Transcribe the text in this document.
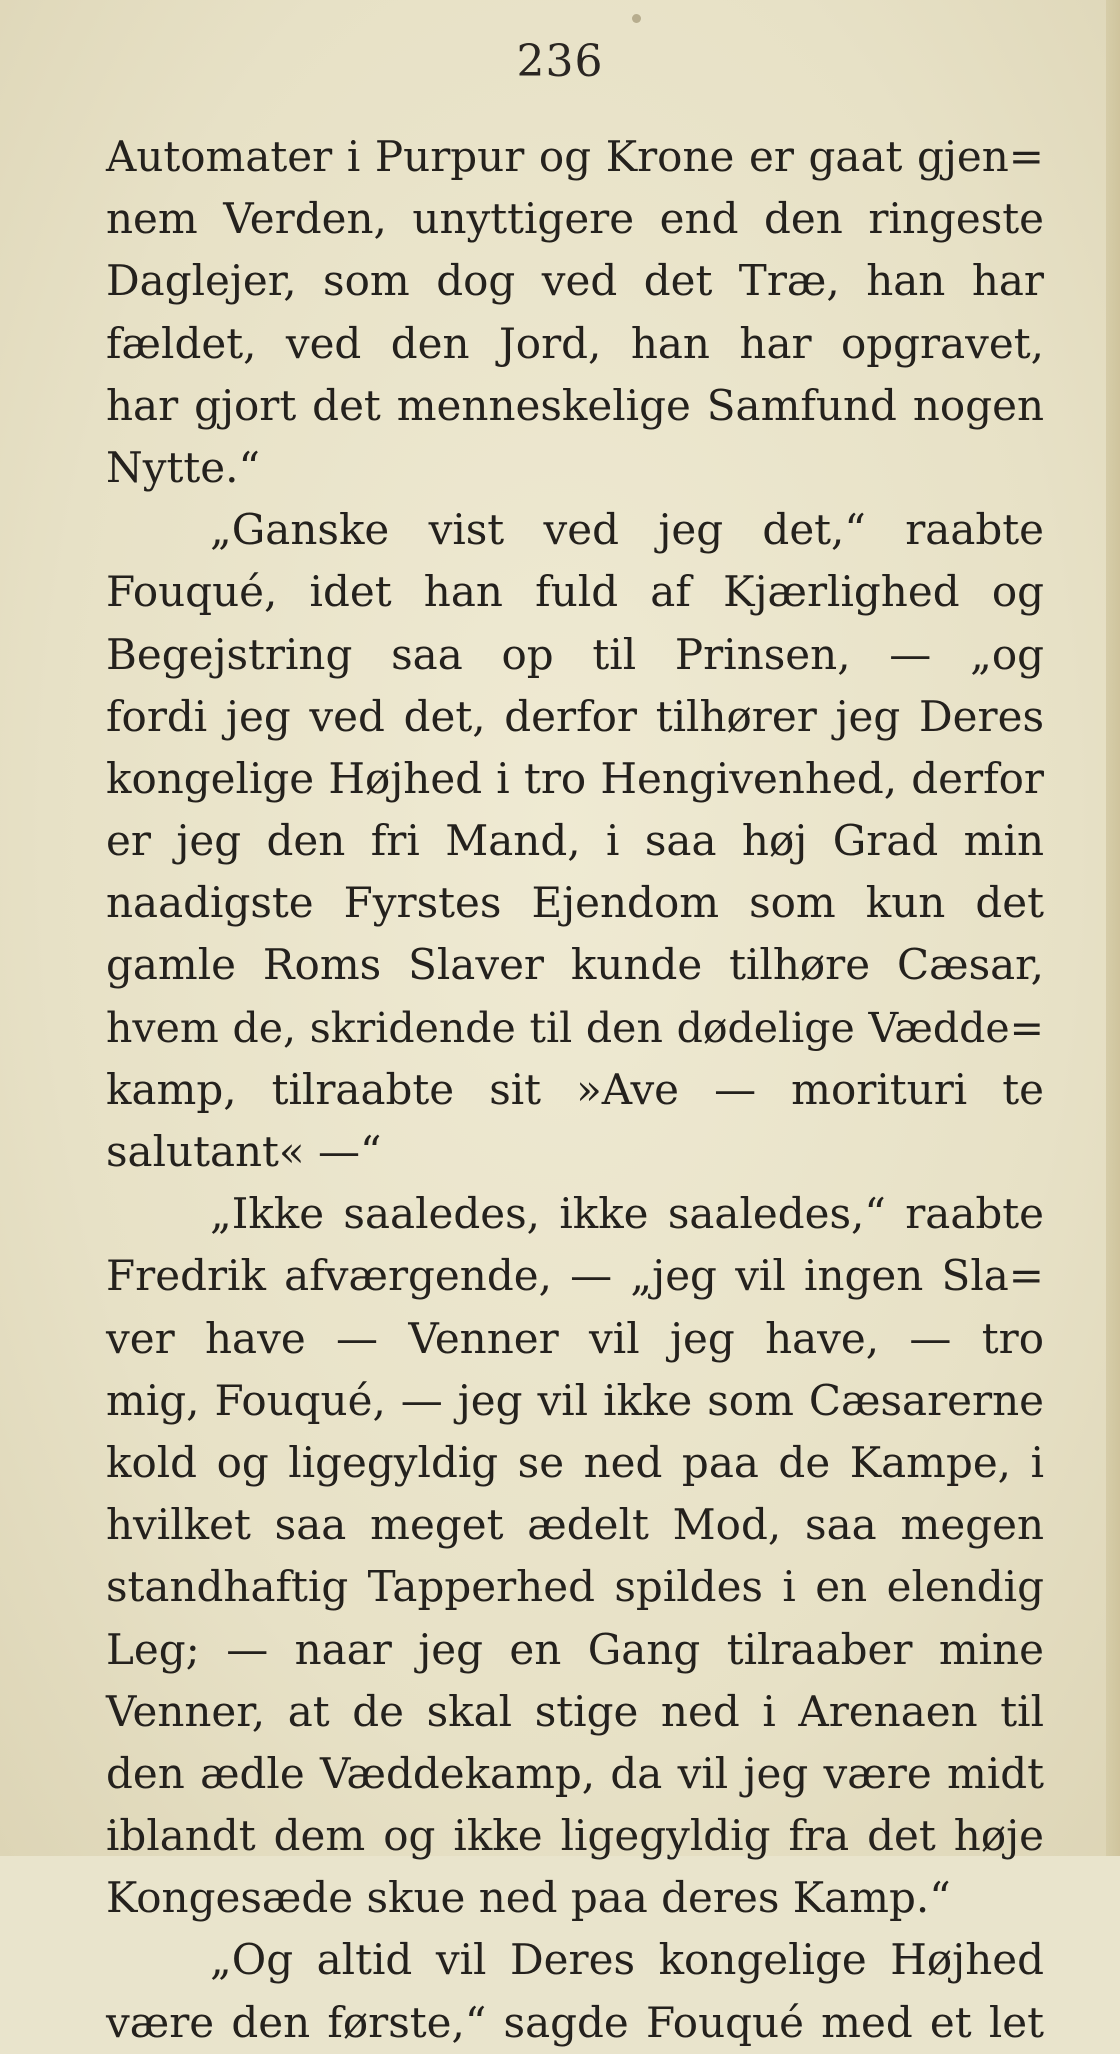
236
Automater i Purpur og Krone er gaat gjen=
nem Verden, unyttigere end den ringeste
Daglejer, som dog ved det Træ, han har
fældet, ved den Jord, han har opgravet,
har gjort det menneskelige Samfund nogen
Nytte.“
„Ganske vist ved jeg det,“ raabte
Fouqué, idet han fuld af Kjærlighed og
Begejstring saa op til Prinsen, — „og
fordi jeg ved det, derfor tilhører jeg Deres
kongelige Højhed i tro Hengivenhed, derfor
er jeg den fri Mand, i saa høj Grad min
naadigste Fyrstes Ejendom som kun det
gamle Roms Slaver kunde tilhøre Cæsar,
hvem de, skridende til den dødelige Vædde=
kamp, tilraabte sit »Ave — morituri te
salutant« —“
„Ikke saaledes, ikke saaledes,“ raabte
Fredrik afværgende, — „jeg vil ingen Sla=
ver have — Venner vil jeg have, — tro
mig, Fouqué, — jeg vil ikke som Cæsarerne
kold og ligegyldig se ned paa de Kampe, i
hvilket saa meget ædelt Mod, saa megen
standhaftig Tapperhed spildes i en elendig
Leg; — naar jeg en Gang tilraaber mine
Venner, at de skal stige ned i Arenaen til
den ædle Væddekamp, da vil jeg være midt
iblandt dem og ikke ligegyldig fra det høje
Kongesæde skue ned paa deres Kamp.“
„Og altid vil Deres kongelige Højhed
være den første,“ sagde Fouqué med et let
